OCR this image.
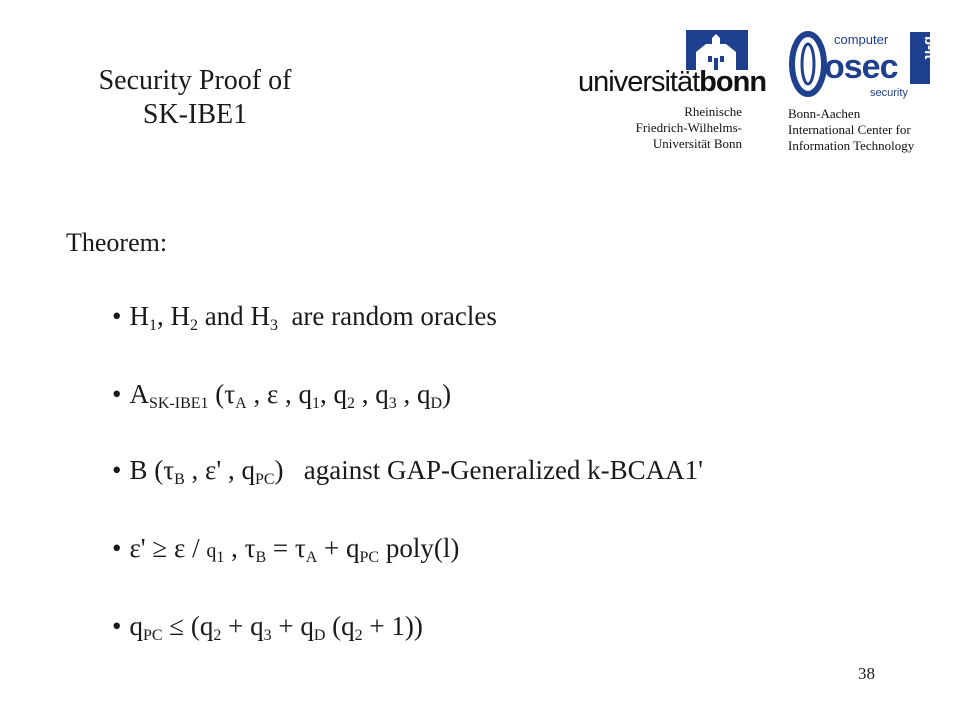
Security Proof of
SK-IBE1
universitätbonn
Rheinische
Friedrich-Wilhelms-
Universität Bonn
computer
osec
b-it
security
Bonn-Aachen
International Center for
Information Technology
Theorem:
• $H_1$, $H_2$ and $H_3$ are random oracles
• $A_{SK-IBE1}$ ($\tau_A$ , ε , $q_1$, $q_2$ , $q_3$ , $q_D$)
• B ($\tau_B$ , ε' , $q_{PC}$)   against GAP-Generalized k-BCAA1'
• $\varepsilon' \ge \varepsilon / q_1$ , $\tau_B = \tau_A + q_{PC}$ poly(l)
• $q_{PC} \le (q_2 + q_3 + q_D$ $(q_2 + 1)$)
38
